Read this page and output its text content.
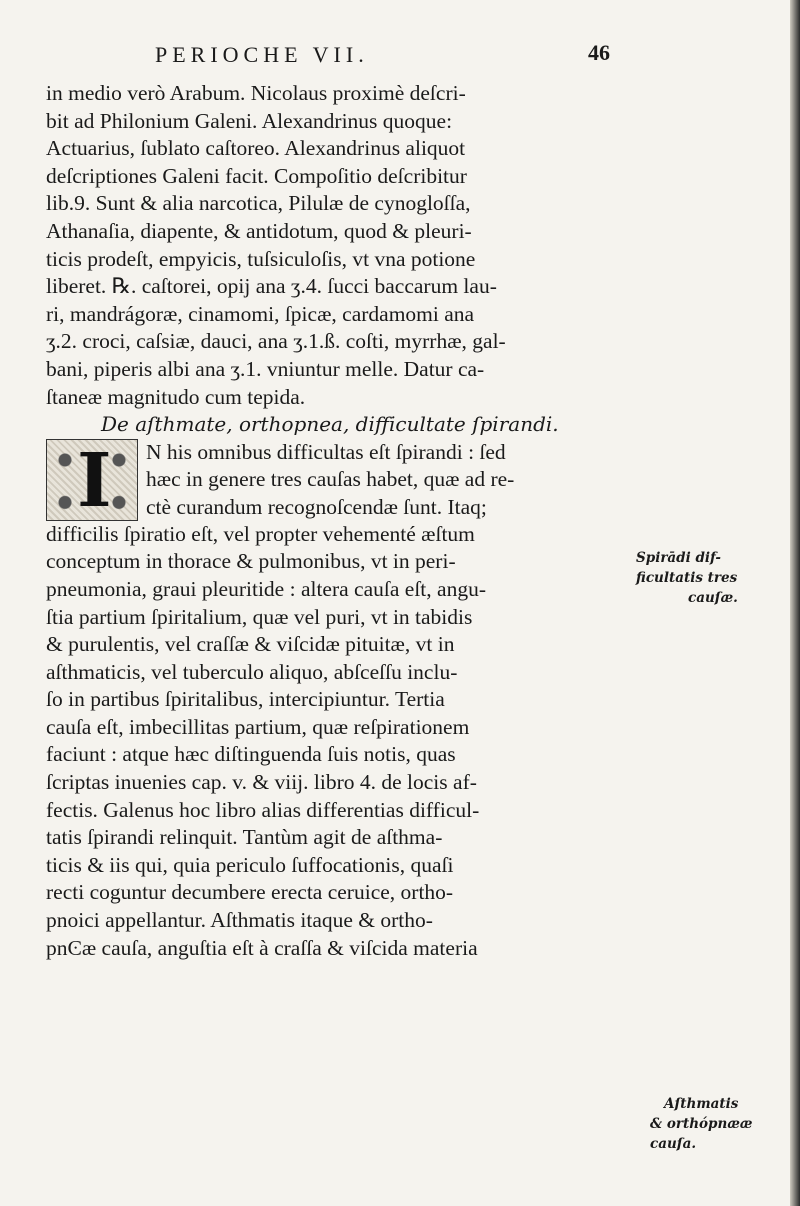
PERIOCHE VII.	46
in medio verò Arabum. Nicolaus proximè deſcri-
bit ad Philonium Galeni. Alexandrinus quoque:
Actuarius, ſublato caſtoreo. Alexandrinus aliquot
deſcriptiones Galeni facit. Compoſitio deſcribitur
lib.9. Sunt & alia narcotica, Pilulæ de cynogloſſa,
Athanaſia, diapente, & antidotum, quod & pleuri-
ticis prodeſt, empyicis, tuſsiculoſis, vt vna potione
liberet. ℞. caſtorei, opij ana ʒ.4. ſucci baccarum lau-
ri, mandrágoræ, cinamomi, ſpicæ, cardamomi ana
ʒ.2. croci, caſsiæ, dauci, ana ʒ.1.ß. coſti, myrrhæ, gal-
bani, piperis albi ana ʒ.1. vniuntur melle. Datur ca-
ſtaneæ magnitudo cum tepida.
De aſthmate, orthopnea, difficultate ſpirandi.
I N his omnibus difficultas eſt ſpirandi : ſed
hæc in genere tres cauſas habet, quæ ad re-
ctè curandum recognoſcendæ ſunt. Itaq;
difficilis ſpiratio eſt, vel propter vehementé æſtum
conceptum in thorace & pulmonibus, vt in peri-
pneumonia, graui pleuritide : altera cauſa eſt, angu-
ſtia partium ſpiritalium, quæ vel puri, vt in tabidis
& purulentis, vel craſſæ & viſcidæ pituitæ, vt in
aſthmaticis, vel tuberculo aliquo, abſceſſu inclu-
ſo in partibus ſpiritalibus, intercipiuntur. Tertia
cauſa eſt, imbecillitas partium, quæ reſpirationem
faciunt : atque hæc diſtinguenda ſuis notis, quas
ſcriptas inuenies cap. v. & viij. libro 4. de locis af-
fectis. Galenus hoc libro alias differentias difficul-
tatis ſpirandi relinquit. Tantùm agit de aſthma-
ticis & iis qui, quia periculo ſuffocationis, quaſi
recti coguntur decumbere erecta ceruice, ortho-
pnoici appellantur. Aſthmatis itaque & ortho-
pnϾæ cauſa, anguſtia eſt à craſſa & viſcida materia
Spirādi dif-
ficultatis tres
cauſæ.
Aſthmatis
& orthópnææ
cauſa.
